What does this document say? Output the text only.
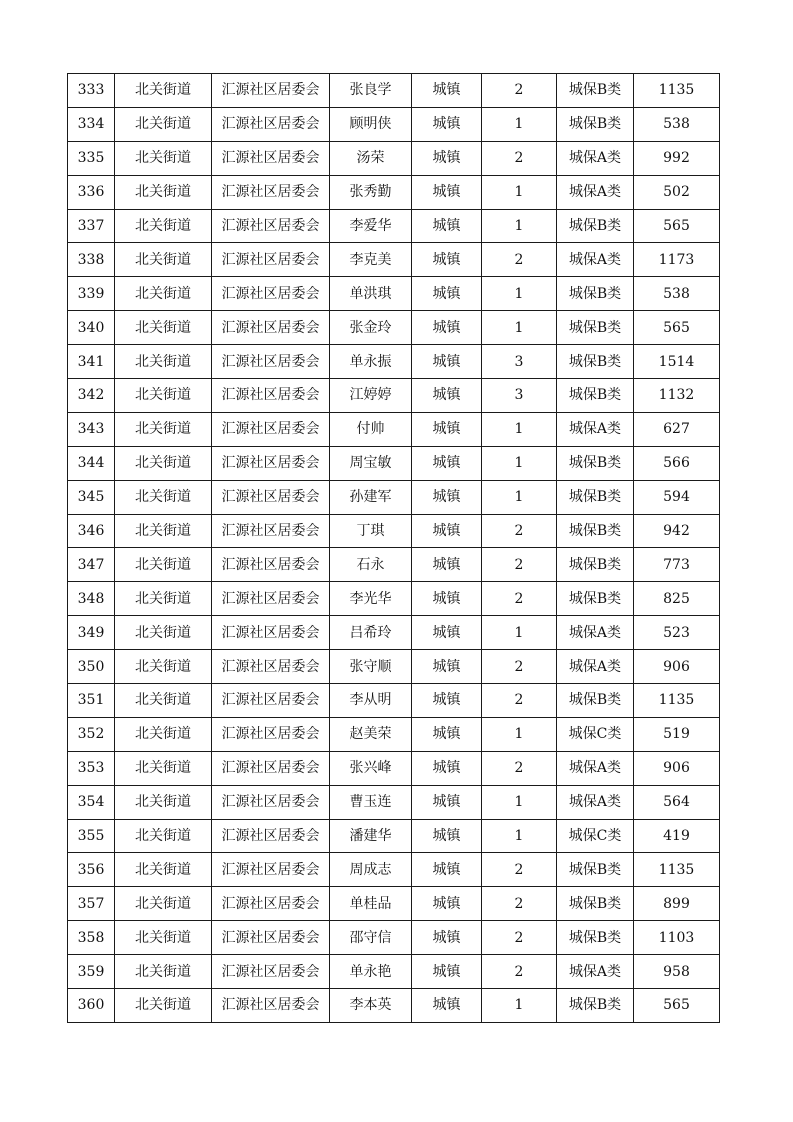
333	北关街道	汇源社区居委会	张良学	城镇	2	城保B类	1135
334	北关街道	汇源社区居委会	顾明侠	城镇	1	城保B类	538
335	北关街道	汇源社区居委会	汤荣	城镇	2	城保A类	992
336	北关街道	汇源社区居委会	张秀勤	城镇	1	城保A类	502
337	北关街道	汇源社区居委会	李爱华	城镇	1	城保B类	565
338	北关街道	汇源社区居委会	李克美	城镇	2	城保A类	1173
339	北关街道	汇源社区居委会	单洪琪	城镇	1	城保B类	538
340	北关街道	汇源社区居委会	张金玲	城镇	1	城保B类	565
341	北关街道	汇源社区居委会	单永振	城镇	3	城保B类	1514
342	北关街道	汇源社区居委会	江婷婷	城镇	3	城保B类	1132
343	北关街道	汇源社区居委会	付帅	城镇	1	城保A类	627
344	北关街道	汇源社区居委会	周宝敏	城镇	1	城保B类	566
345	北关街道	汇源社区居委会	孙建军	城镇	1	城保B类	594
346	北关街道	汇源社区居委会	丁琪	城镇	2	城保B类	942
347	北关街道	汇源社区居委会	石永	城镇	2	城保B类	773
348	北关街道	汇源社区居委会	李光华	城镇	2	城保B类	825
349	北关街道	汇源社区居委会	吕希玲	城镇	1	城保A类	523
350	北关街道	汇源社区居委会	张守顺	城镇	2	城保A类	906
351	北关街道	汇源社区居委会	李从明	城镇	2	城保B类	1135
352	北关街道	汇源社区居委会	赵美荣	城镇	1	城保C类	519
353	北关街道	汇源社区居委会	张兴峰	城镇	2	城保A类	906
354	北关街道	汇源社区居委会	曹玉连	城镇	1	城保A类	564
355	北关街道	汇源社区居委会	潘建华	城镇	1	城保C类	419
356	北关街道	汇源社区居委会	周成志	城镇	2	城保B类	1135
357	北关街道	汇源社区居委会	单桂品	城镇	2	城保B类	899
358	北关街道	汇源社区居委会	邵守信	城镇	2	城保B类	1103
359	北关街道	汇源社区居委会	单永艳	城镇	2	城保A类	958
360	北关街道	汇源社区居委会	李本英	城镇	1	城保B类	565
